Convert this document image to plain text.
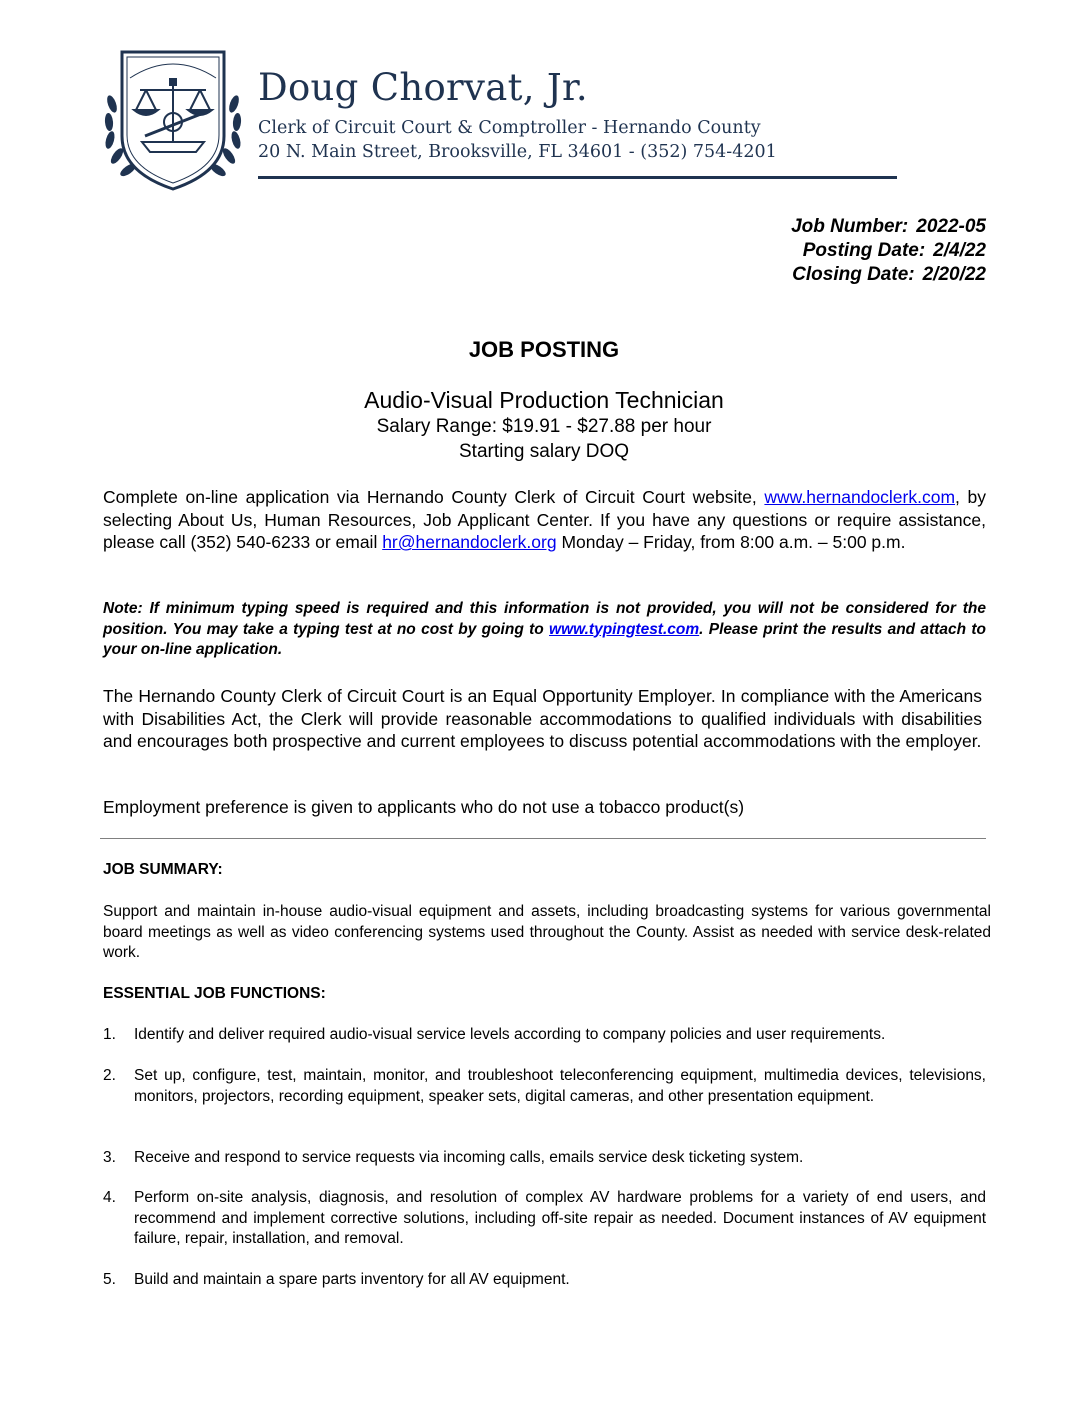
Doug Chorvat, Jr.
Clerk of Circuit Court & Comptroller - Hernando County
20 N. Main Street, Brooksville, FL 34601 - (352) 754-4201
Job Number: 2022-05
Posting Date: 2/4/22
Closing Date: 2/20/22
JOB POSTING
Audio-Visual Production Technician
Salary Range: $19.91 - $27.88 per hour
Starting salary DOQ
Complete on-line application via Hernando County Clerk of Circuit Court website, www.hernandoclerk.com, by selecting About Us, Human Resources, Job Applicant Center. If you have any questions or require assistance, please call (352) 540-6233 or email hr@hernandoclerk.org Monday – Friday, from 8:00 a.m. – 5:00 p.m.
Note: If minimum typing speed is required and this information is not provided, you will not be considered for the position. You may take a typing test at no cost by going to www.typingtest.com. Please print the results and attach to your on-line application.
The Hernando County Clerk of Circuit Court is an Equal Opportunity Employer. In compliance with the Americans with Disabilities Act, the Clerk will provide reasonable accommodations to qualified individuals with disabilities and encourages both prospective and current employees to discuss potential accommodations with the employer.
Employment preference is given to applicants who do not use a tobacco product(s)
JOB SUMMARY:
Support and maintain in-house audio-visual equipment and assets, including broadcasting systems for various governmental board meetings as well as video conferencing systems used throughout the County. Assist as needed with service desk-related work.
ESSENTIAL JOB FUNCTIONS:
1. Identify and deliver required audio-visual service levels according to company policies and user requirements.
2. Set up, configure, test, maintain, monitor, and troubleshoot teleconferencing equipment, multimedia devices, televisions, monitors, projectors, recording equipment, speaker sets, digital cameras, and other presentation equipment.
3. Receive and respond to service requests via incoming calls, emails service desk ticketing system.
4. Perform on-site analysis, diagnosis, and resolution of complex AV hardware problems for a variety of end users, and recommend and implement corrective solutions, including off-site repair as needed. Document instances of AV equipment failure, repair, installation, and removal.
5. Build and maintain a spare parts inventory for all AV equipment.
